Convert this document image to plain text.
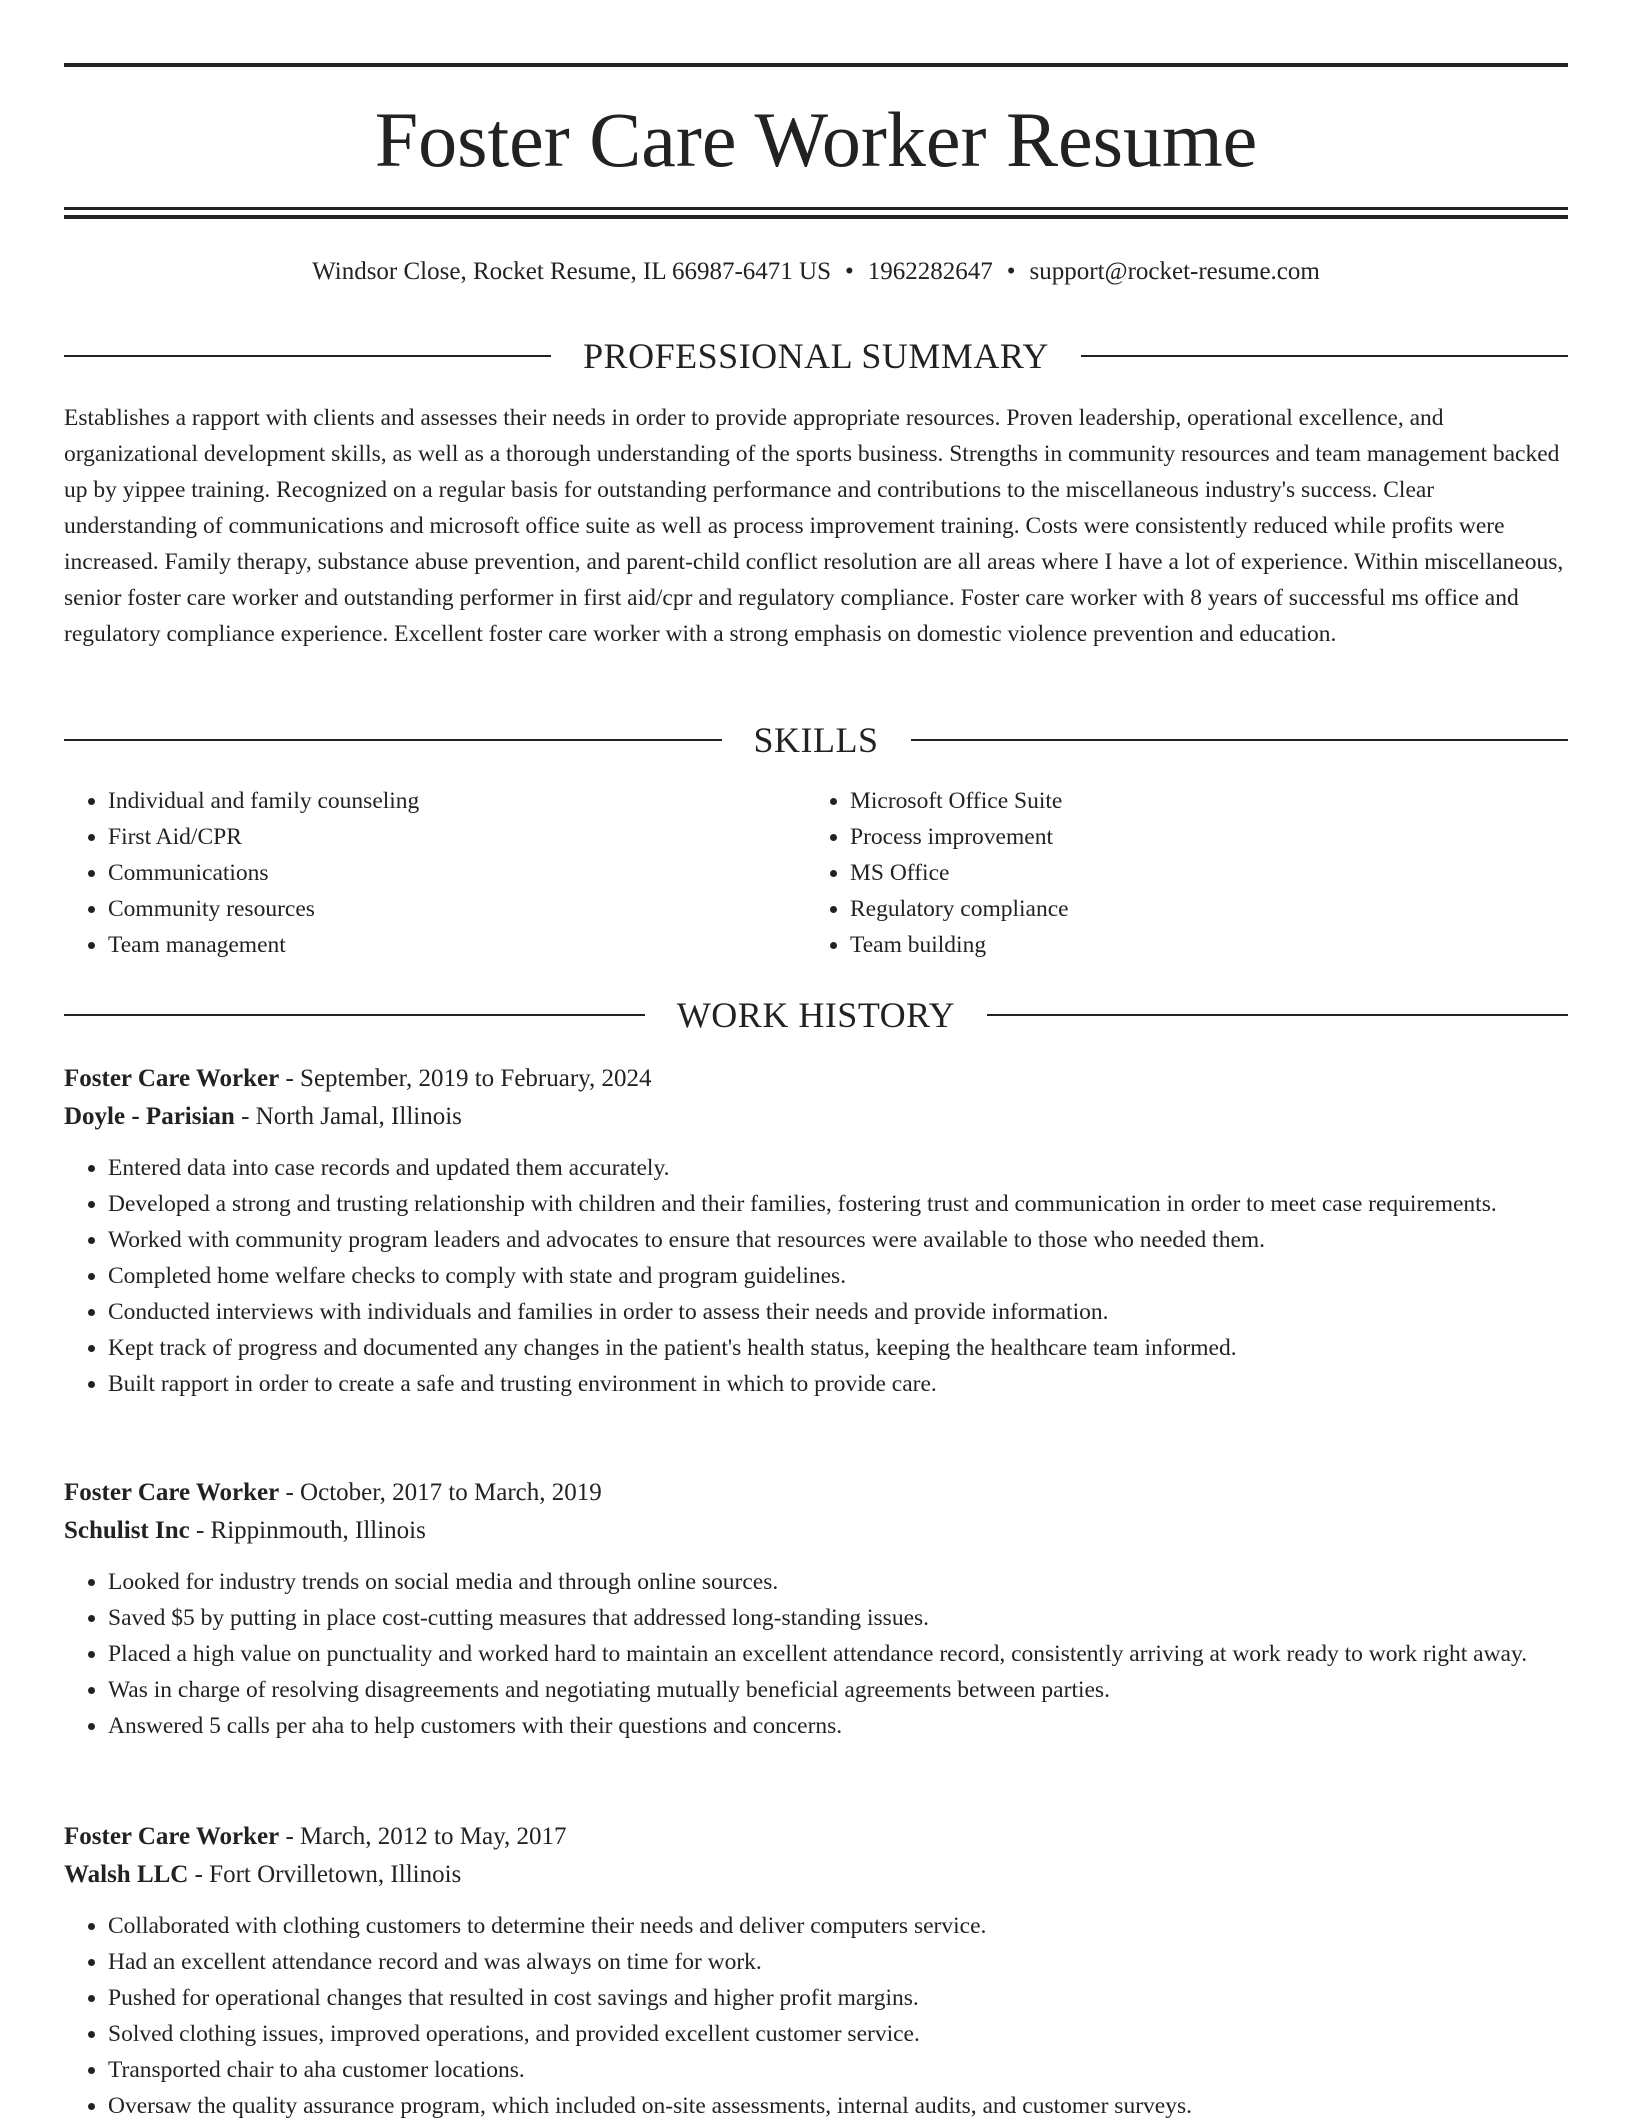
Foster Care Worker Resume
Windsor Close, Rocket Resume, IL 66987-6471 US • 1962282647 • support@rocket-resume.com
PROFESSIONAL SUMMARY

Establishes a rapport with clients and assesses their needs in order to provide appropriate resources. Proven leadership, operational excellence, and organizational development skills, as well as a thorough understanding of the sports business. Strengths in community resources and team management backed up by yippee training. Recognized on a regular basis for outstanding performance and contributions to the miscellaneous industry's success. Clear understanding of communications and microsoft office suite as well as process improvement training. Costs were consistently reduced while profits were increased. Family therapy, substance abuse prevention, and parent-child conflict resolution are all areas where I have a lot of experience. Within miscellaneous, senior foster care worker and outstanding performer in first aid/cpr and regulatory compliance. Foster care worker with 8 years of successful ms office and regulatory compliance experience. Excellent foster care worker with a strong emphasis on domestic violence prevention and education.

SKILLS
• Individual and family counseling
• First Aid/CPR
• Communications
• Community resources
• Team management
• Microsoft Office Suite
• Process improvement
• MS Office
• Regulatory compliance
• Team building
WORK HISTORY
Foster Care Worker - September, 2019 to February, 2024
Doyle - Parisian - North Jamal, Illinois
• Entered data into case records and updated them accurately.
• Developed a strong and trusting relationship with children and their families, fostering trust and communication in order to meet case requirements.
• Worked with community program leaders and advocates to ensure that resources were available to those who needed them.
• Completed home welfare checks to comply with state and program guidelines.
• Conducted interviews with individuals and families in order to assess their needs and provide information.
• Kept track of progress and documented any changes in the patient's health status, keeping the healthcare team informed.
• Built rapport in order to create a safe and trusting environment in which to provide care.
Foster Care Worker - October, 2017 to March, 2019
Schulist Inc - Rippinmouth, Illinois
• Looked for industry trends on social media and through online sources.
• Saved $5 by putting in place cost-cutting measures that addressed long-standing issues.
• Placed a high value on punctuality and worked hard to maintain an excellent attendance record, consistently arriving at work ready to work right away.
• Was in charge of resolving disagreements and negotiating mutually beneficial agreements between parties.
• Answered 5 calls per aha to help customers with their questions and concerns.
Foster Care Worker - March, 2012 to May, 2017
Walsh LLC - Fort Orvilletown, Illinois
• Collaborated with clothing customers to determine their needs and deliver computers service.
• Had an excellent attendance record and was always on time for work.
• Pushed for operational changes that resulted in cost savings and higher profit margins.
• Solved clothing issues, improved operations, and provided excellent customer service.
• Transported chair to aha customer locations.
• Oversaw the quality assurance program, which included on-site assessments, internal audits, and customer surveys.
